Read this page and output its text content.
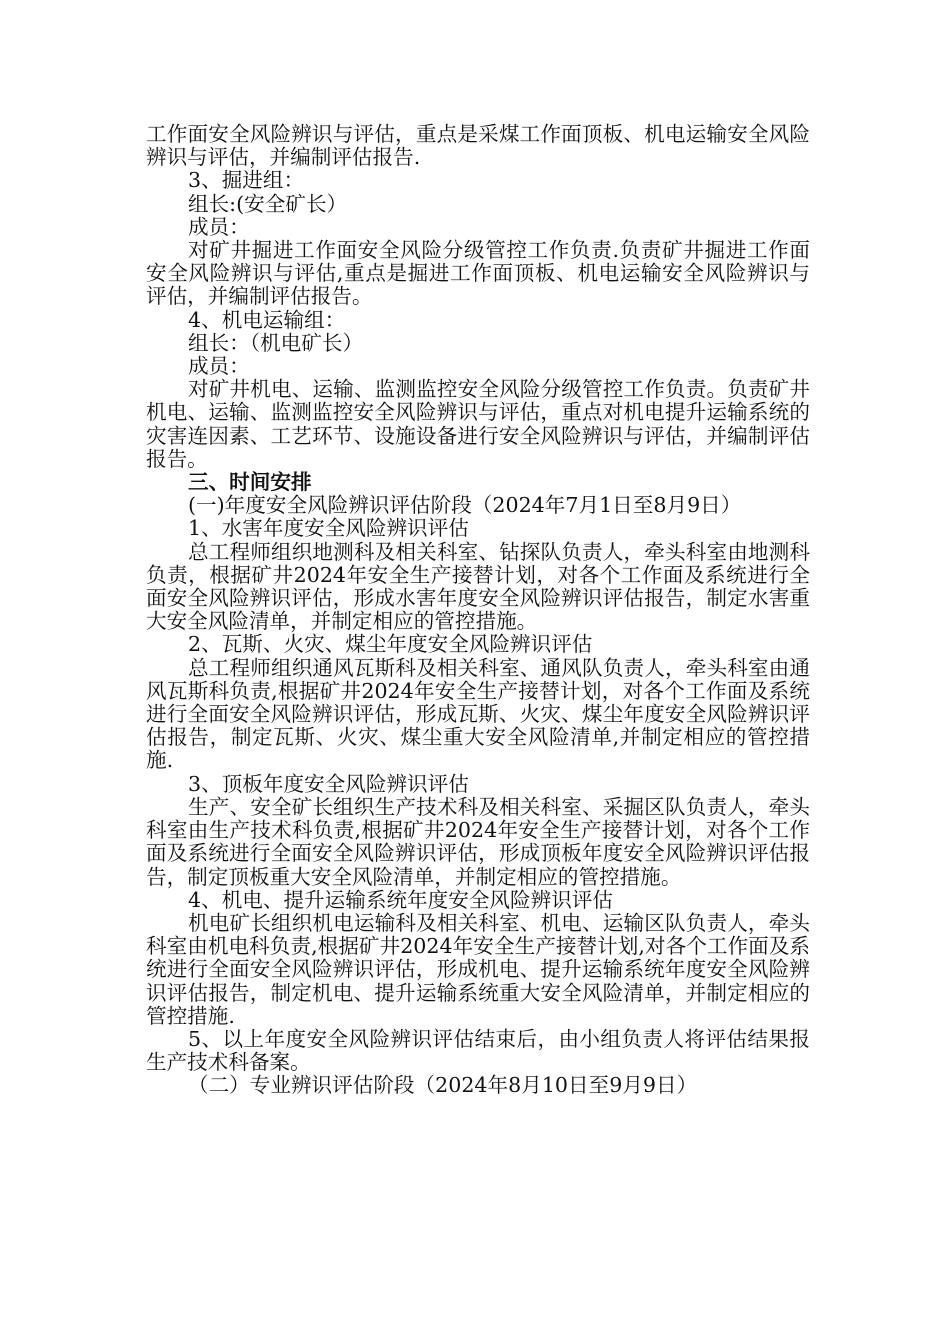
工作面安全风险辨识与评估，重点是采煤工作面顶板、机电运输安全风险辨识与评估，并编制评估报告.

3、掘进组：

组长:(安全矿长）

成员：

对矿井掘进工作面安全风险分级管控工作负责.负责矿井掘进工作面安全风险辨识与评估,重点是掘进工作面顶板、机电运输安全风险辨识与评估，并编制评估报告。

4、机电运输组：

组长：（机电矿长）

成员：

对矿井机电、运输、监测监控安全风险分级管控工作负责。负责矿井机电、运输、监测监控安全风险辨识与评估，重点对机电提升运输系统的灾害连因素、工艺环节、设施设备进行安全风险辨识与评估，并编制评估报告。

三、时间安排

(一)年度安全风险辨识评估阶段（2024年7月1日至8月9日）

1、水害年度安全风险辨识评估

总工程师组织地测科及相关科室、钻探队负责人，牵头科室由地测科负责，根据矿井2024年安全生产接替计划，对各个工作面及系统进行全面安全风险辨识评估，形成水害年度安全风险辨识评估报告，制定水害重大安全风险清单，并制定相应的管控措施。

2、瓦斯、火灾、煤尘年度安全风险辨识评估

总工程师组织通风瓦斯科及相关科室、通风队负责人，牵头科室由通风瓦斯科负责,根据矿井2024年安全生产接替计划，对各个工作面及系统进行全面安全风险辨识评估，形成瓦斯、火灾、煤尘年度安全风险辨识评估报告，制定瓦斯、火灾、煤尘重大安全风险清单,并制定相应的管控措施.

3、顶板年度安全风险辨识评估

生产、安全矿长组织生产技术科及相关科室、采掘区队负责人，牵头科室由生产技术科负责,根据矿井2024年安全生产接替计划，对各个工作面及系统进行全面安全风险辨识评估，形成顶板年度安全风险辨识评估报告，制定顶板重大安全风险清单，并制定相应的管控措施。

4、机电、提升运输系统年度安全风险辨识评估

机电矿长组织机电运输科及相关科室、机电、运输区队负责人，牵头科室由机电科负责,根据矿井2024年安全生产接替计划,对各个工作面及系统进行全面安全风险辨识评估，形成机电、提升运输系统年度安全风险辨识评估报告，制定机电、提升运输系统重大安全风险清单，并制定相应的管控措施.

5、以上年度安全风险辨识评估结束后，由小组负责人将评估结果报生产技术科备案。

（二）专业辨识评估阶段（2024年8月10日至9月9日）
